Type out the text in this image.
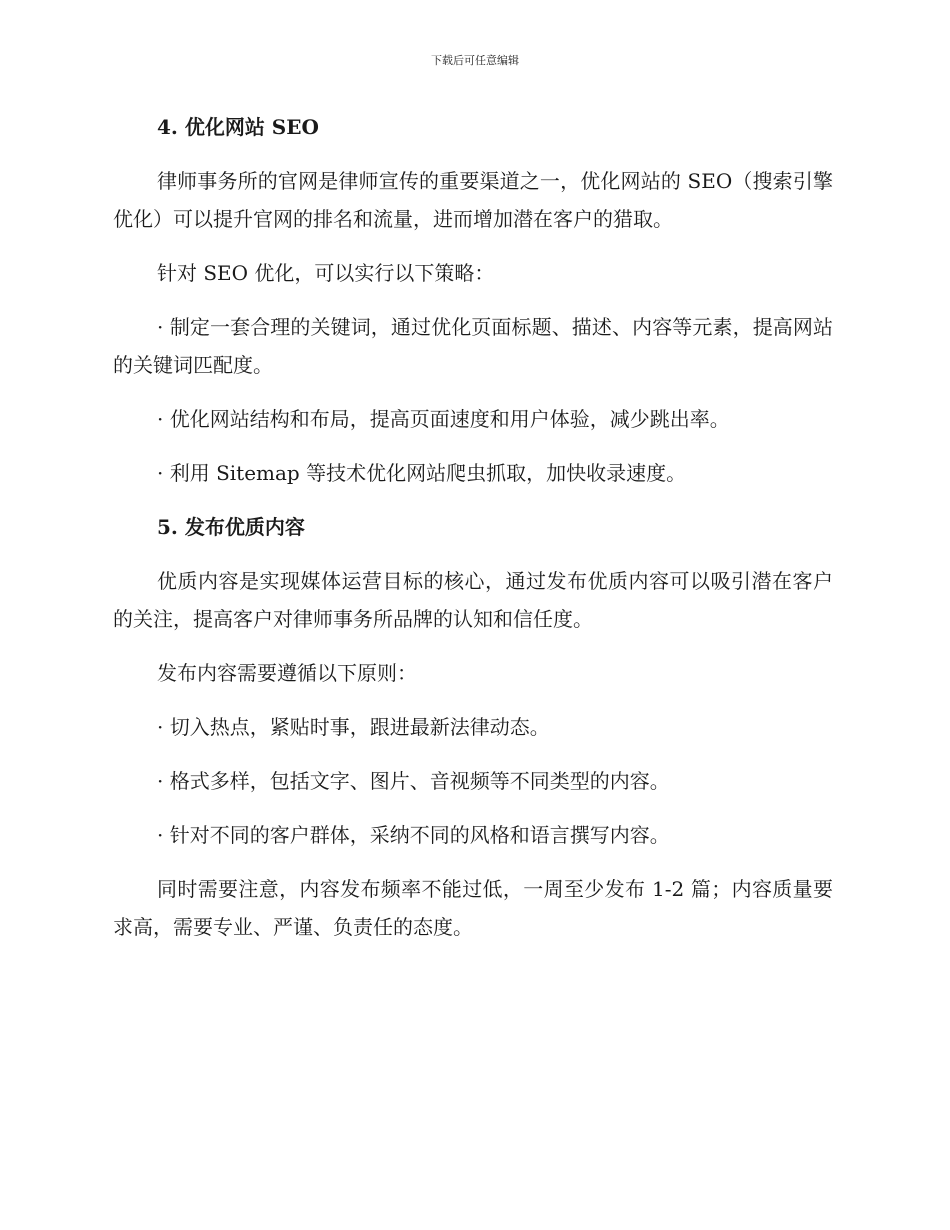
下载后可任意编辑
4. 优化网站 SEO

律师事务所的官网是律师宣传的重要渠道之一，优化网站的 SEO（搜索引擎优化）可以提升官网的排名和流量，进而增加潜在客户的猎取。

针对 SEO 优化，可以实行以下策略：

· 制定一套合理的关键词，通过优化页面标题、描述、内容等元素，提高网站的关键词匹配度。

· 优化网站结构和布局，提高页面速度和用户体验，减少跳出率。

· 利用 Sitemap 等技术优化网站爬虫抓取，加快收录速度。

5. 发布优质内容

优质内容是实现媒体运营目标的核心，通过发布优质内容可以吸引潜在客户的关注，提高客户对律师事务所品牌的认知和信任度。

发布内容需要遵循以下原则：

· 切入热点，紧贴时事，跟进最新法律动态。

· 格式多样，包括文字、图片、音视频等不同类型的内容。

· 针对不同的客户群体，采纳不同的风格和语言撰写内容。

同时需要注意，内容发布频率不能过低，一周至少发布 1-2 篇；内容质量要求高，需要专业、严谨、负责任的态度。
